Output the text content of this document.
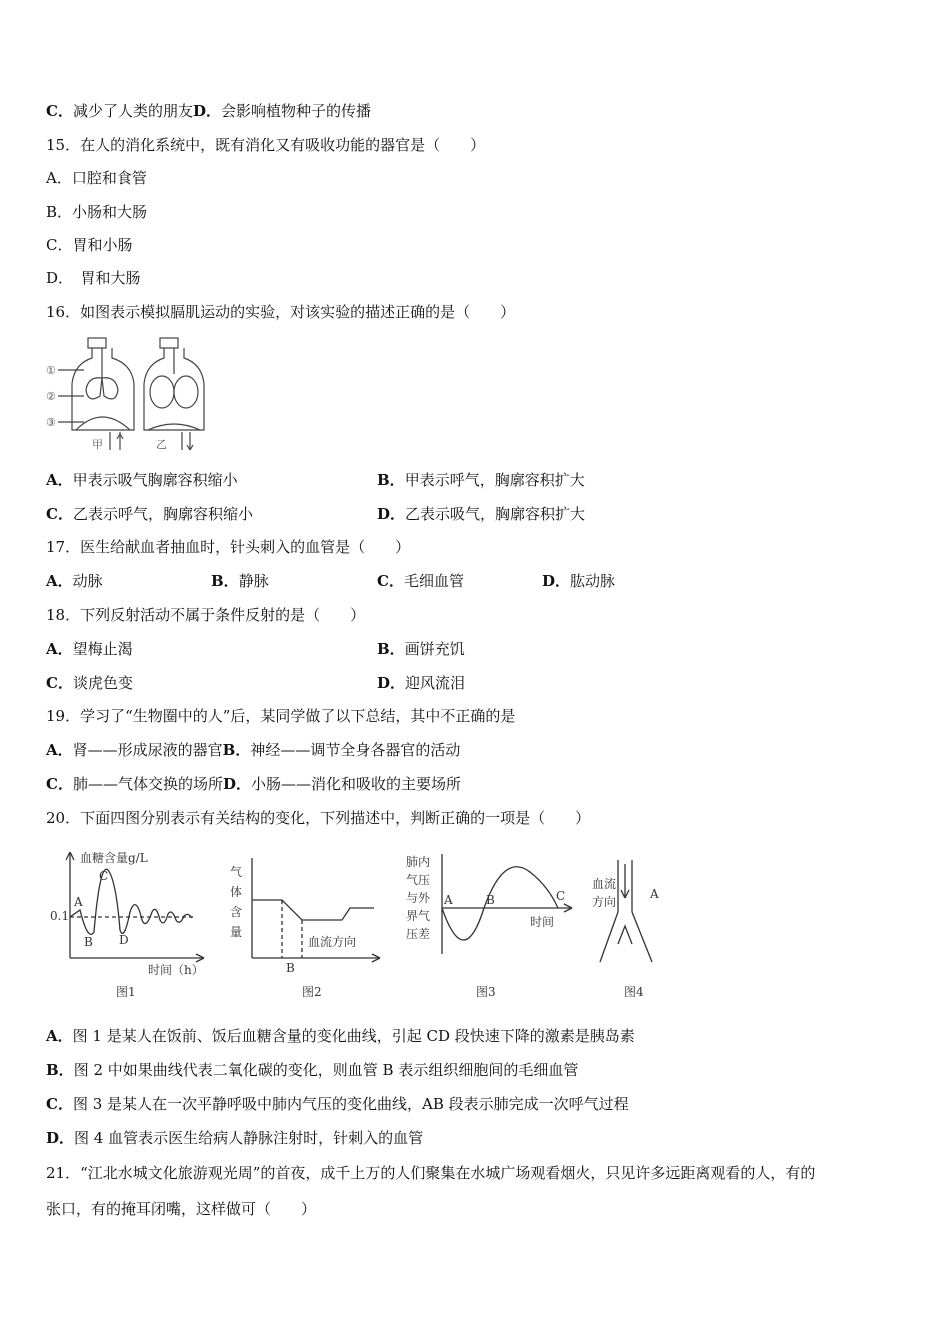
C．减少了人类的朋友D．会影响植物种子的传播
15．在人的消化系统中，既有消化又有吸收功能的器官是（　　）
A．口腔和食管
B．小肠和大肠
C．胃和小肠
D．　胃和大肠
16．如图表示模拟膈肌运动的实验，对该实验的描述正确的是（　　）
①
②
③
甲	乙
A．甲表示吸气胸廓容积缩小	B．甲表示呼气，胸廓容积扩大
C．乙表示呼气，胸廓容积缩小	D．乙表示吸气，胸廓容积扩大
17．医生给献血者抽血时，针头刺入的血管是（　　）
A．动脉	B．静脉	C．毛细血管	D．肱动脉
18．下列反射活动不属于条件反射的是（　　）
A．望梅止渴	B．画饼充饥
C．谈虎色变	D．迎风流泪
19．学习了“生物圈中的人”后，某同学做了以下总结，其中不正确的是
A．肾——形成尿液的器官B．神经——调节全身各器官的活动
C．肺——气体交换的场所D．小肠——消化和吸收的主要场所
20．下面四图分别表示有关结构的变化，下列描述中，判断正确的一项是（　　）
血糖含量g/L
0.1
A
B
C
D
时间（h）
图1
气
体
含
量
血流方向
B
图2
肺内
气压
与外
界气
压差
A	B	C
时间
图3
血流
方向
A
图4
A．图 1 是某人在饭前、饭后血糖含量的变化曲线，引起 CD 段快速下降的激素是胰岛素
B．图 2 中如果曲线代表二氧化碳的变化，则血管 B 表示组织细胞间的毛细血管
C．图 3 是某人在一次平静呼吸中肺内气压的变化曲线，AB 段表示肺完成一次呼气过程
D．图 4 血管表示医生给病人静脉注射时，针刺入的血管
21．“江北水城文化旅游观光周”的首夜，成千上万的人们聚集在水城广场观看烟火，只见许多远距离观看的人，有的
张口，有的掩耳闭嘴，这样做可（　　）
